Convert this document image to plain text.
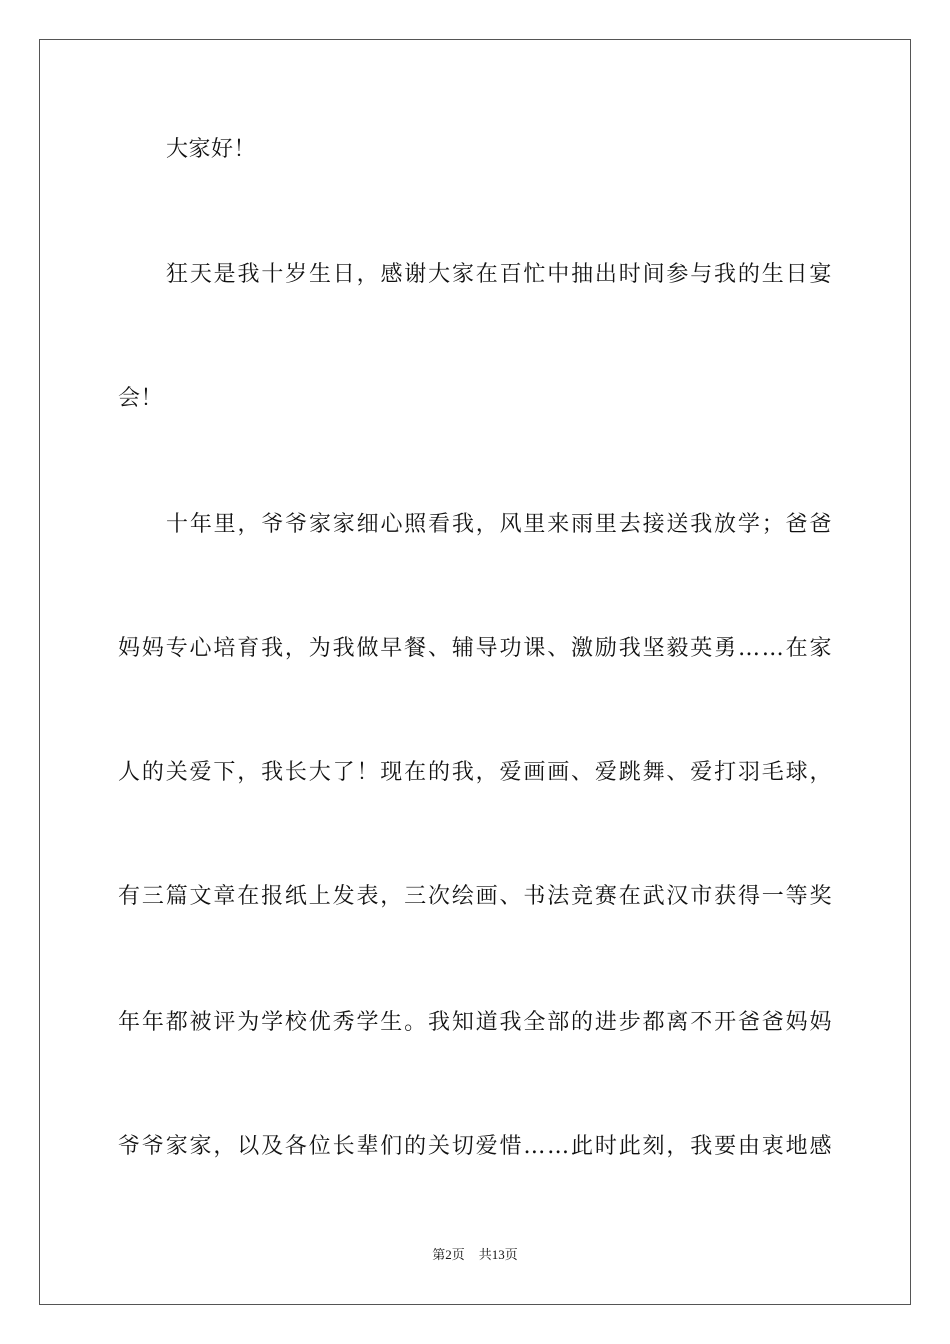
大家好！
狂 天 是 我 十 岁 生 日 ， 感 谢 大 家 在 百 忙 中 抽 出 时 间 参 与 我 的 生 日 宴
会！
十 年 里 ， 爷 爷 家 家 细 心 照 看 我 ， 风 里 来 雨 里 去 接 送 我 放 学 ； 爸 爸
妈 妈 专 心 培 育 我 ， 为 我 做 早 餐 、 辅 导 功 课 、 激 励 我 坚 毅 英 勇 … … 在 家
人 的 关 爱 下 ， 我 长 大 了 ！ 现 在 的 我 ， 爱 画 画 、 爱 跳 舞 、 爱 打 羽 毛 球 ，
有 三 篇 文 章 在 报 纸 上 发 表 ， 三 次 绘 画 、 书 法 竞 赛 在 武 汉 市 获 得 一 等 奖
年 年 都 被 评 为 学 校 优 秀 学 生 。 我 知 道 我 全 部 的 进 步 都 离 不 开 爸 爸 妈 妈
爷 爷 家 家 ， 以 及 各 位 长 辈 们 的 关 切 爱 惜 … … 此 时 此 刻 ， 我 要 由 衷 地 感
第2页 共13页
